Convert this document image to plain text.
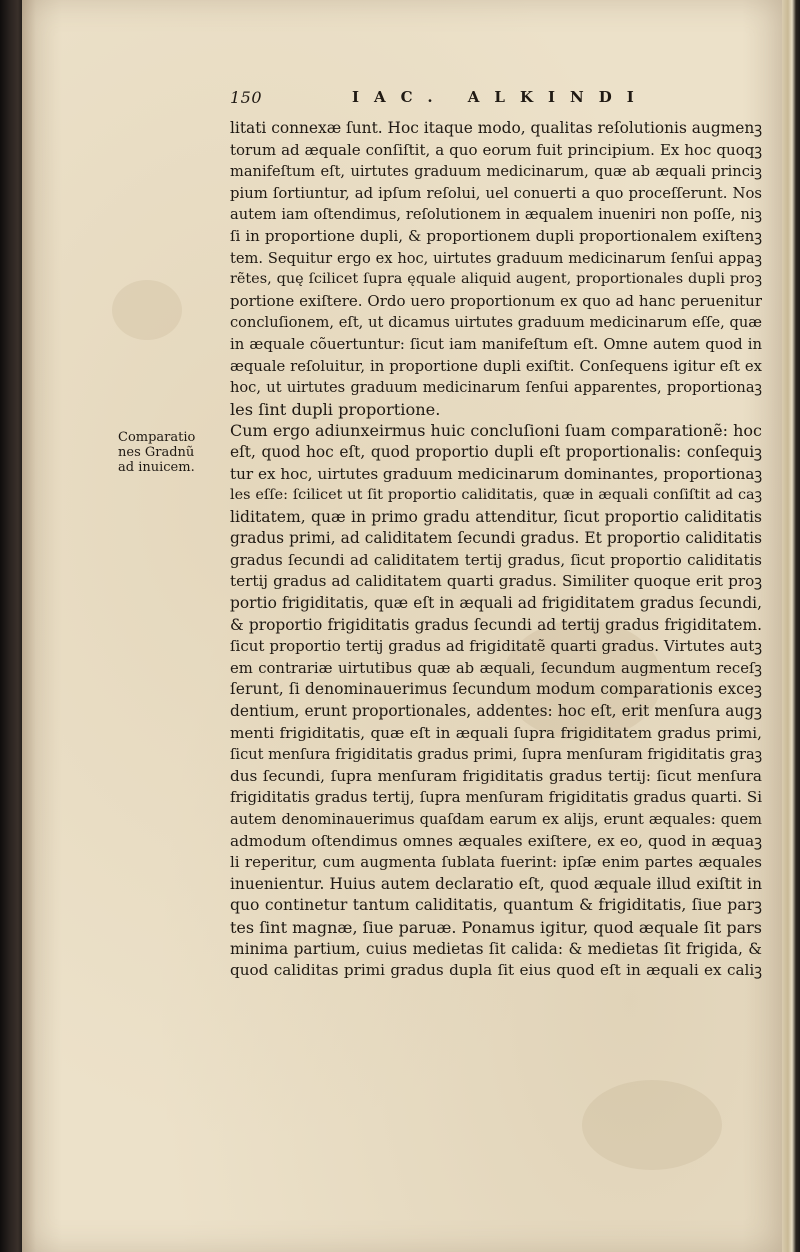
150	IAC. ALKINDI
Comparatio
nes Gradnũ
ad inuicem.
litati connexæ ſunt. Hoc itaque modo, qualitas reſolutionis augmenꝫ
torum ad æquale conſiſtit, a quo eorum fuit principium. Ex hoc quoqꝫ
manifeſtum eſt, uirtutes graduum medicinarum, quæ ab æquali princiꝫ
pium ſortiuntur, ad ipſum reſolui, uel conuerti a quo proceſſerunt. Nos
autem iam oſtendimus, reſolutionem in æqualem inueniri non poſſe, niꝫ
ſi in proportione dupli, & proportionem dupli proportionalem exiſtenꝫ
tem. Sequitur ergo ex hoc, uirtutes graduum medicinarum ſenſui appaꝫ
rẽtes, quę ſcilicet ſupra ęquale aliquid augent, proportionales dupli proꝫ
portione exiſtere. Ordo uero proportionum ex quo ad hanc peruenitur
concluſionem, eſt, ut dicamus uirtutes graduum medicinarum eſſe, quæ
in æquale cõuertuntur: ſicut iam manifeſtum eſt. Omne autem quod in
æquale reſoluitur, in proportione dupli exiſtit. Conſequens igitur eſt ex
hoc, ut uirtutes graduum medicinarum ſenſui apparentes, proportionaꝫ
les ſint dupli proportione.
Cum ergo adiunxeirmus huic concluſioni ſuam comparationẽ: hoc
eſt, quod hoc eſt, quod proportio dupli eſt proportionalis: conſequiꝫ
tur ex hoc, uirtutes graduum medicinarum dominantes, proportionaꝫ
les eſſe: ſcilicet ut ſit proportio caliditatis, quæ in æquali conſiſtit ad caꝫ
liditatem, quæ in primo gradu attenditur, ſicut proportio caliditatis
gradus primi, ad caliditatem ſecundi gradus. Et proportio caliditatis
gradus ſecundi ad caliditatem tertij gradus, ſicut proportio caliditatis
tertij gradus ad caliditatem quarti gradus. Similiter quoque erit proꝫ
portio frigiditatis, quæ eſt in æquali ad frigiditatem gradus ſecundi,
& proportio frigiditatis gradus ſecundi ad tertij gradus frigiditatem.
ſicut proportio tertij gradus ad frigiditatẽ quarti gradus. Virtutes autꝫ
em contrariæ uirtutibus quæ ab æquali, ſecundum augmentum receſꝫ
ſerunt, ſi denominauerimus ſecundum modum comparationis exceꝫ
dentium, erunt proportionales, addentes: hoc eſt, erit menſura augꝫ
menti frigiditatis, quæ eſt in æquali ſupra frigiditatem gradus primi,
ſicut menſura frigiditatis gradus primi, ſupra menſuram frigiditatis graꝫ
dus ſecundi, ſupra menſuram frigiditatis gradus tertij: ſicut menſura
frigiditatis gradus tertij, ſupra menſuram frigiditatis gradus quarti. Si
autem denominauerimus quaſdam earum ex alijs, erunt æquales: quem
admodum oſtendimus omnes æquales exiſtere, ex eo, quod in æquaꝫ
li reperitur, cum augmenta ſublata fuerint: ipſæ enim partes æquales
inuenientur. Huius autem declaratio eſt, quod æquale illud exiſtit in
quo continetur tantum caliditatis, quantum & frigiditatis, ſiue parꝫ
tes ſint magnæ, ſiue paruæ. Ponamus igitur, quod æquale ſit pars
minima partium, cuius medietas ſit calida: & medietas ſit frigida, &
quod caliditas primi gradus dupla ſit eius quod eſt in æquali ex caliꝫ
